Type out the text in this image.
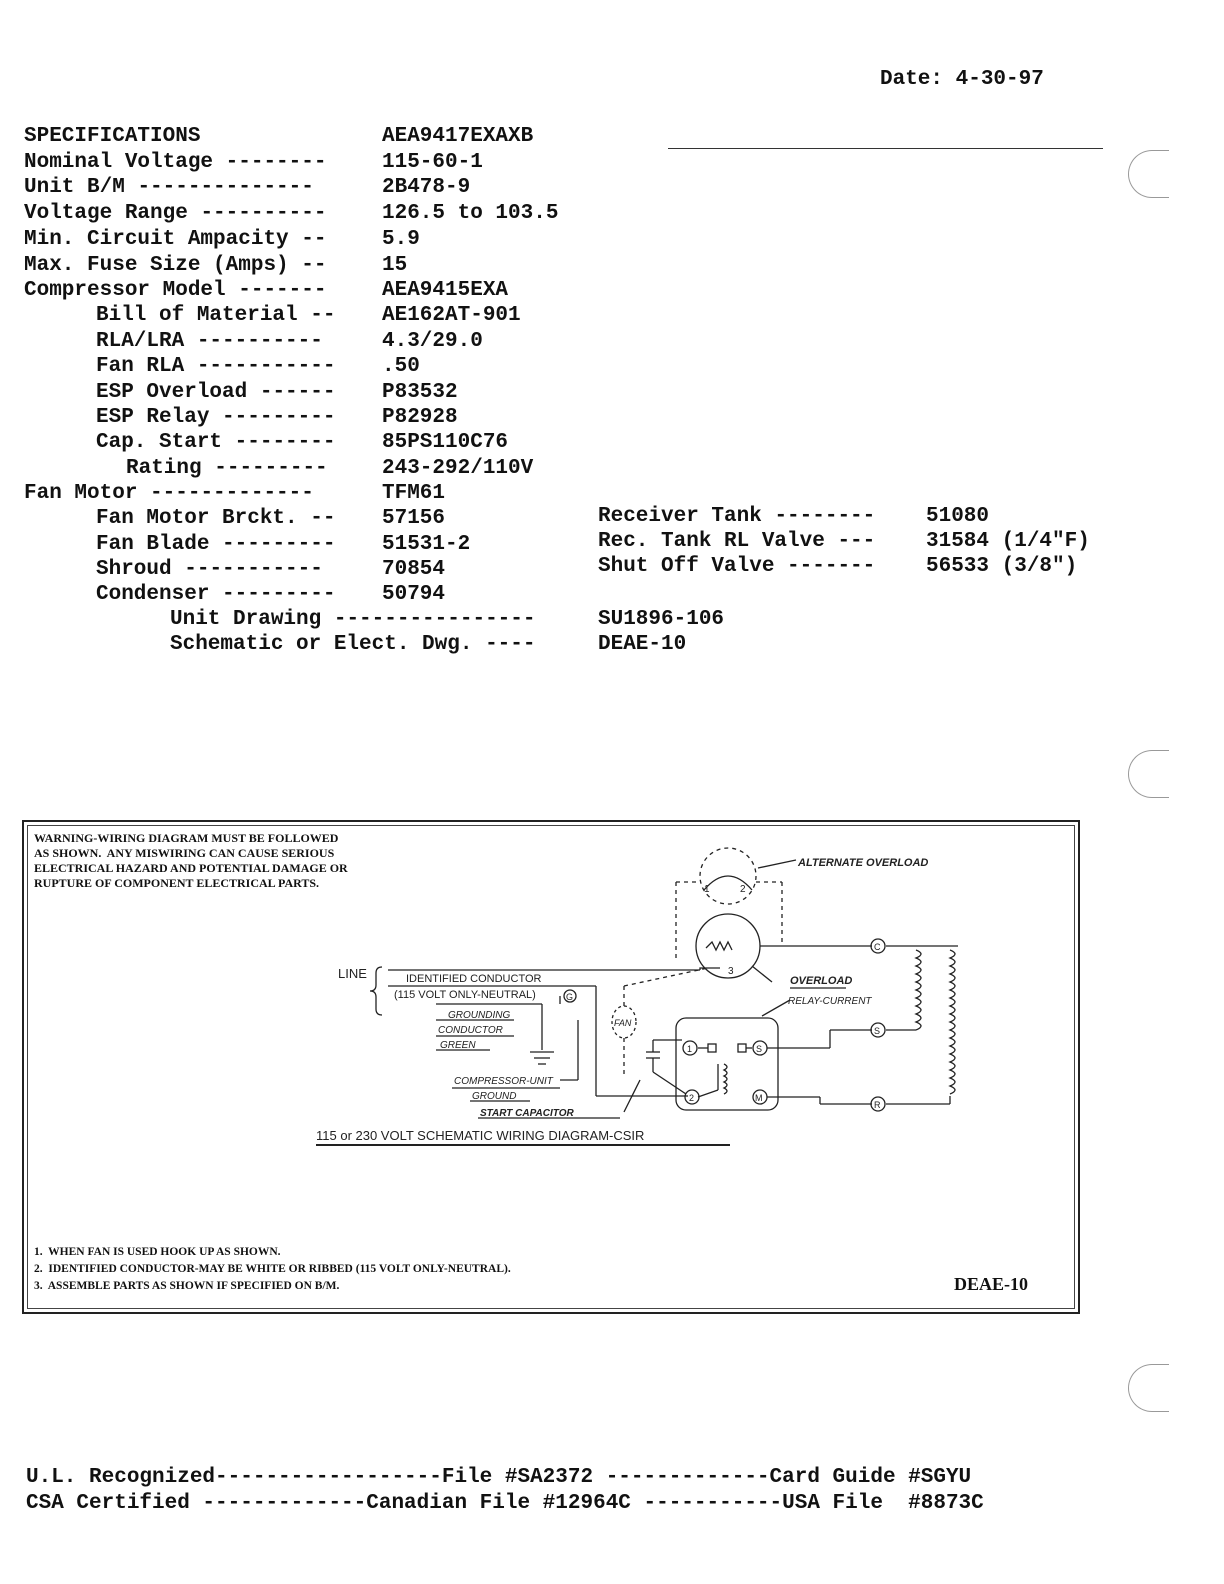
Date: 4-30-97
SPECIFICATIONS	AEA9417EXAXB
Nominal Voltage --------	115-60-1
Unit B/M --------------	2B478-9
Voltage Range ----------	126.5 to 103.5
Min. Circuit Ampacity --	5.9
Max. Fuse Size (Amps) --	15
Compressor Model -------	AEA9415EXA
Bill of Material -- AE162AT-901
RLA/LRA ----------	4.3/29.0
Fan RLA ----------- .50
ESP Overload ------ P83532
ESP Relay --------- P82928
Cap. Start -------- 85PS110C76
Rating ---------	243-292/110V
Fan Motor -------------	TFM61
Fan Motor Brckt. -- 57156
Fan Blade --------- 51531-2
Shroud -----------	70854
Condenser --------- 50794
Unit Drawing ----------------	SU1896-106
Schematic or Elect. Dwg. ----	DEAE-10
Receiver Tank -------- 51080
Rec. Tank RL Valve --- 31584 (1/4"F)
Shut Off Valve ------- 56533 (3/8")
WARNING-WIRING DIAGRAM MUST BE FOLLOWED
AS SHOWN.  ANY MISWIRING CAN CAUSE SERIOUS
ELECTRICAL HAZARD AND POTENTIAL DAMAGE OR
RUPTURE OF COMPONENT ELECTRICAL PARTS.
ALTERNATE OVERLOAD
LINE	IDENTIFIED CONDUCTOR
(115 VOLT ONLY-NEUTRAL)
GROUNDING
CONDUCTOR
GREEN
OVERLOAD
RELAY-CURRENT
FAN
COMPRESSOR-UNIT
GROUND
START CAPACITOR
115 or 230 VOLT SCHEMATIC WIRING DIAGRAM-CSIR
C
S
R
G
1	2
3
1	S
2	M
1.  WHEN FAN IS USED HOOK UP AS SHOWN.
2.  IDENTIFIED CONDUCTOR-MAY BE WHITE OR RIBBED (115 VOLT ONLY-NEUTRAL).
3.  ASSEMBLE PARTS AS SHOWN IF SPECIFIED ON B/M.	DEAE-10
U.L. Recognized------------------File #SA2372 -------------Card Guide #SGYU
CSA Certified -------------Canadian File #12964C -----------USA File  #8873C
